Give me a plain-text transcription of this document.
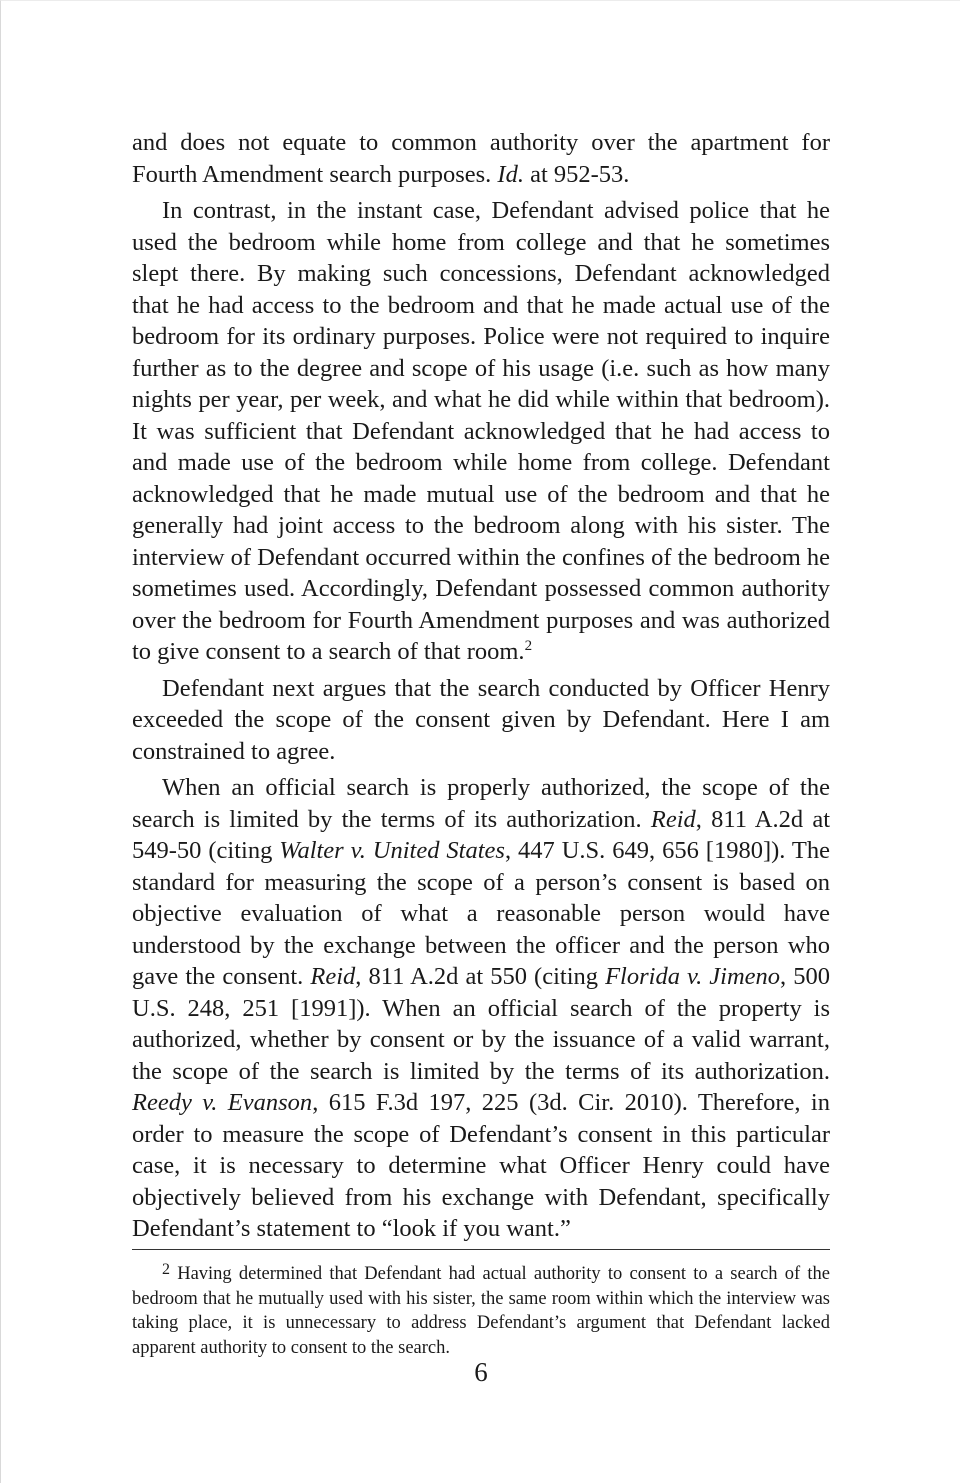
and does not equate to common authority over the apartment for Fourth Amendment search purposes. Id. at 952-53.

In contrast, in the instant case, Defendant advised police that he used the bedroom while home from college and that he sometimes slept there. By making such concessions, Defendant acknowledged that he had access to the bedroom and that he made actual use of the bedroom for its ordinary purposes. Police were not required to inquire further as to the degree and scope of his usage (i.e. such as how many nights per year, per week, and what he did while within that bedroom). It was sufficient that Defendant acknowledged that he had access to and made use of the bedroom while home from college. Defendant acknowledged that he made mutual use of the bedroom and that he generally had joint access to the bedroom along with his sister. The interview of Defendant occurred within the confines of the bedroom he sometimes used. Accordingly, Defendant possessed common authority over the bedroom for Fourth Amendment purposes and was authorized to give consent to a search of that room.$^2$

Defendant next argues that the search conducted by Officer Henry exceeded the scope of the consent given by Defendant. Here I am constrained to agree.

When an official search is properly authorized, the scope of the search is limited by the terms of its authorization. Reid, 811 A.2d at 549-50 (citing Walter v. United States, 447 U.S. 649, 656 [1980]). The standard for measuring the scope of a person’s consent is based on objective evaluation of what a reasonable person would have understood by the exchange between the officer and the person who gave the consent. Reid, 811 A.2d at 550 (citing Florida v. Jimeno, 500 U.S. 248, 251 [1991]). When an official search of the property is authorized, whether by consent or by the issuance of a valid warrant, the scope of the search is limited by the terms of its authorization. Reedy v. Evanson, 615 F.3d 197, 225 (3d. Cir. 2010). Therefore, in order to measure the scope of Defendant’s consent in this particular case, it is necessary to determine what Officer Henry could have objectively believed from his exchange with Defendant, specifically Defendant’s statement to “look if you want.”

$^2$ Having determined that Defendant had actual authority to consent to a search of the bedroom that he mutually used with his sister, the same room within which the interview was taking place, it is unnecessary to address Defendant’s argument that Defendant lacked apparent authority to consent to the search.

6
